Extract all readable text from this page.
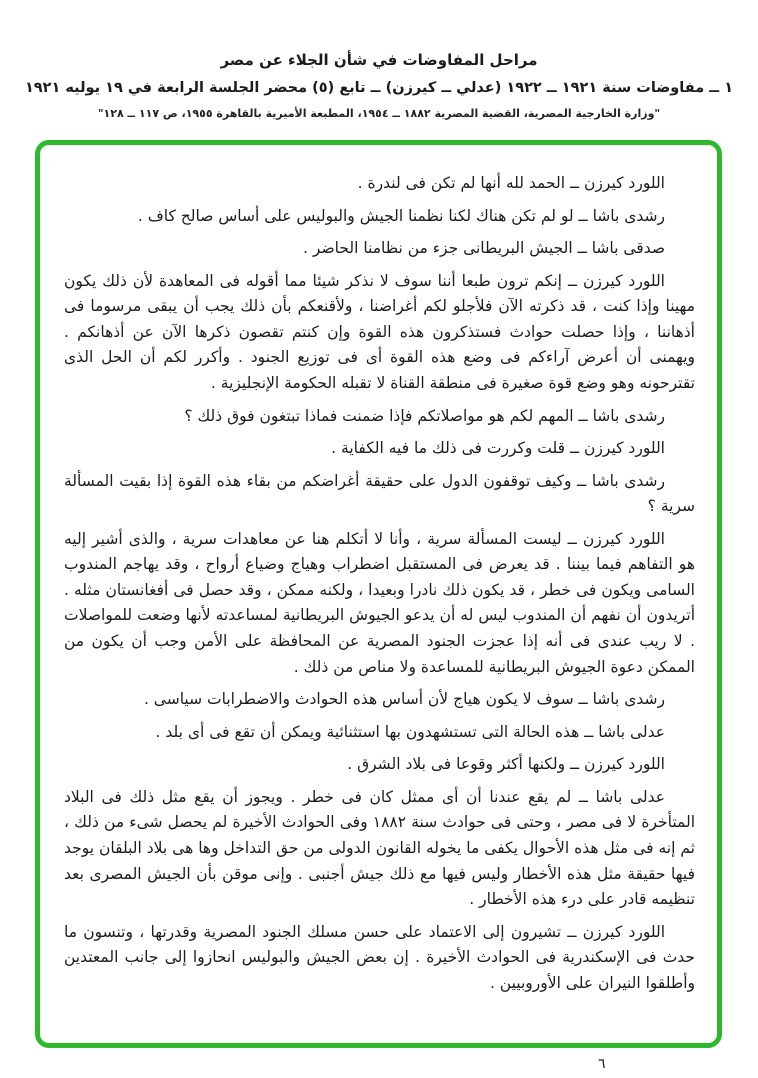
مراحل المفاوضات في شأن الجلاء عن مصر
١ ــ مفاوضات سنة ١٩٢١ ــ ١٩٢٢ (عدلي ــ كيرزن) ــ تابع (٥) محضر الجلسة الرابعة في ١٩ يوليه ١٩٢١
"وزارة الخارجية المصرية، القضية المصرية ١٨٨٢ ــ ١٩٥٤، المطبعة الأميرية بالقاهرة ١٩٥٥، ص ١١٧ ــ ١٢٨"

اللورد كيرزن ــ الحمد لله أنها لم تكن فى لندرة .

رشدى باشا ــ لو لم تكن هناك لكنا نظمنا الجيش والبوليس على أساس صالح كاف .

صدقى باشا ــ الجيش البريطانى جزء من نظامنا الحاضر .

اللورد كيرزن ــ إنكم ترون طبعا أننا سوف لا نذكر شيئا مما أقوله فى المعاهدة لأن ذلك يكون مهينا وإذا كنت ، قد ذكرته الآن فلأجلو لكم أغراضنا ، ولأقنعكم بأن ذلك يجب أن يبقى مرسوما فى أذهاننا ، وإذا حصلت حوادث فستذكرون هذه القوة وإن كنتم تقصون ذكرها الآن عن أذهانكم . ويهمنى أن أعرض آراءكم فى وضع هذه القوة أى فى توزيع الجنود . وأكرر لكم أن الحل الذى تقترحونه وهو وضع قوة صغيرة فى منطقة القناة لا تقبله الحكومة الإنجليزية .

رشدى باشا ــ المهم لكم هو مواصلاتكم فإذا ضمنت فماذا تبتغون فوق ذلك ؟

اللورد كيرزن ــ قلت وكررت فى ذلك ما فيه الكفاية .

رشدى باشا ــ وكيف توقفون الدول على حقيقة أغراضكم من بقاء هذه القوة إذا بقيت المسألة سرية ؟

اللورد كيرزن ــ ليست المسألة سرية ، وأنا لا أتكلم هنا عن معاهدات سرية ، والذى أشير إليه هو التفاهم فيما بيننا . قد يعرض فى المستقبل اضطراب وهياج وضياع أرواح ، وقد يهاجم المندوب السامى ويكون فى خطر ، قد يكون ذلك نادرا وبعيدا ، ولكنه ممكن ، وقد حصل فى أفغانستان مثله . أتريدون أن نفهم أن المندوب ليس له أن يدعو الجيوش البريطانية لمساعدته لأنها وضعت للمواصلات . لا ريب عندى فى أنه إذا عجزت الجنود المصرية عن المحافظة على الأمن وجب أن يكون من الممكن دعوة الجيوش البريطانية للمساعدة ولا مناص من ذلك .

رشدى باشا ــ سوف لا يكون هياج لأن أساس هذه الحوادث والاضطرابات سياسى .

عدلى باشا ــ هذه الحالة التى تستشهدون بها استثنائية ويمكن أن تقع فى أى بلد .

اللورد كيرزن ــ ولكنها أكثر وقوعا فى بلاد الشرق .

عدلى باشا ــ لم يقع عندنا أن أى ممثل كان فى خطر . ويجوز أن يقع مثل ذلك فى البلاد المتأخرة لا فى مصر ، وحتى فى حوادث سنة ١٨٨٢ وفى الحوادث الأخيرة لم يحصل شىء من ذلك ، ثم إنه فى مثل هذه الأحوال يكفى ما يخوله القانون الدولى من حق التداخل وها هى بلاد البلقان يوجد فيها حقيقة مثل هذه الأخطار وليس فيها مع ذلك جيش أجنبى . وإنى موقن بأن الجيش المصرى بعد تنظيمه قادر على درء هذه الأخطار .

اللورد كيرزن ــ تشيرون إلى الاعتماد على حسن مسلك الجنود المصرية وقدرتها ، وتنسون ما حدث فى الإسكندرية فى الحوادث الأخيرة . إن بعض الجيش والبوليس انحازوا إلى جانب المعتدين وأطلقوا النيران على الأوروبيين .

٦
